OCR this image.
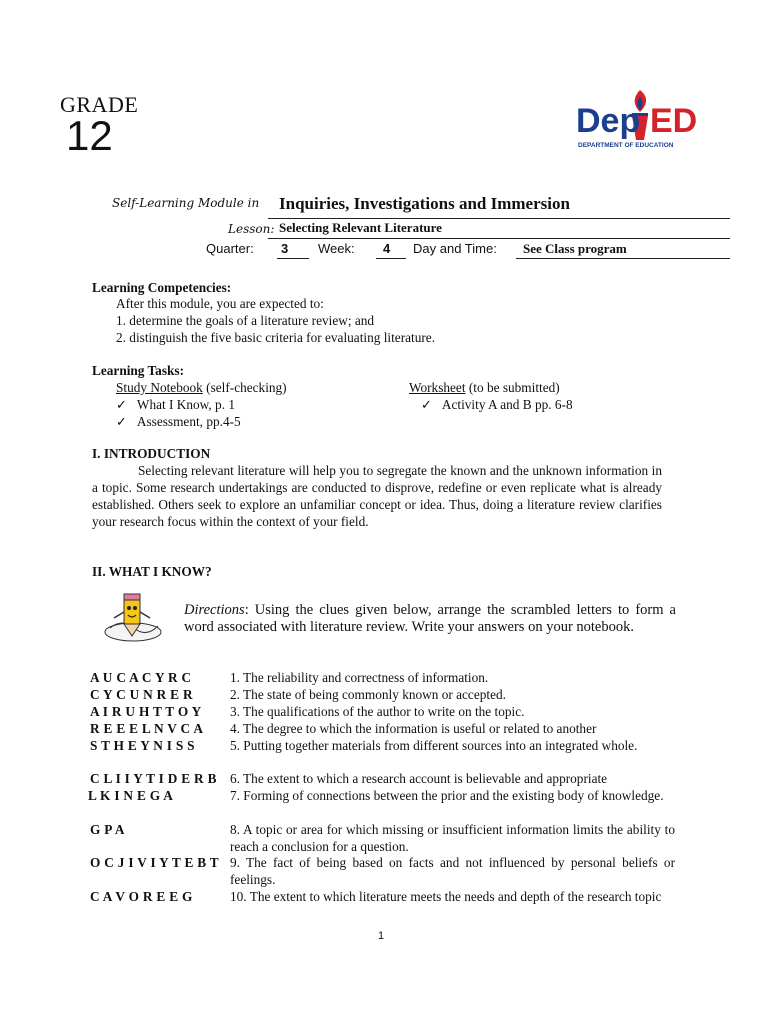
GRADE
12	Dep ED
DEPARTMENT OF EDUCATION
Self-Learning Module in Inquiries, Investigations and Immersion
Lesson: Selecting Relevant Literature
Quarter: 3 Week: 4 Day and Time: See Class program
Learning Competencies:
After this module, you are expected to:
1. determine the goals of a literature review; and
2. distinguish the five basic criteria for evaluating literature.
Learning Tasks:
Study Notebook (self-checking)
✓ What I Know, p. 1
✓ Assessment, pp.4-5
Worksheet (to be submitted)
✓ Activity A and B pp. 6-8
I. INTRODUCTION
Selecting relevant literature will help you to segregate the known and the unknown information in a topic. Some research undertakings are conducted to disprove, redefine or even replicate what is already established. Others seek to explore an unfamiliar concept or idea. Thus, doing a literature review clarifies your research focus within the context of your field.
II. WHAT I KNOW?
Directions: Using the clues given below, arrange the scrambled letters to form a word associated with literature review. Write your answers on your notebook.
A U C A C Y R C	1. The reliability and correctness of information.
C Y C U N R E R	2. The state of being commonly known or accepted.
A I R U H T T O Y 3. The qualifications of the author to write on the topic.
R E E E L N V C A 4. The degree to which the information is useful or related to another
S T H E Y N I S S	5. Putting together materials from different sources into an integrated whole.
C L I I Y T I D E R B 6. The extent to which a research account is believable and appropriate
L K I N E G A	7. Forming of connections between the prior and the existing body of knowledge.
G P A	8. A topic or area for which missing or insufficient information limits the ability to reach a conclusion for a question.
O C J I V I Y T E B T 9. The fact of being based on facts and not influenced by personal beliefs or feelings.
C A V O R E E G	10. The extent to which literature meets the needs and depth of the research topic
1
